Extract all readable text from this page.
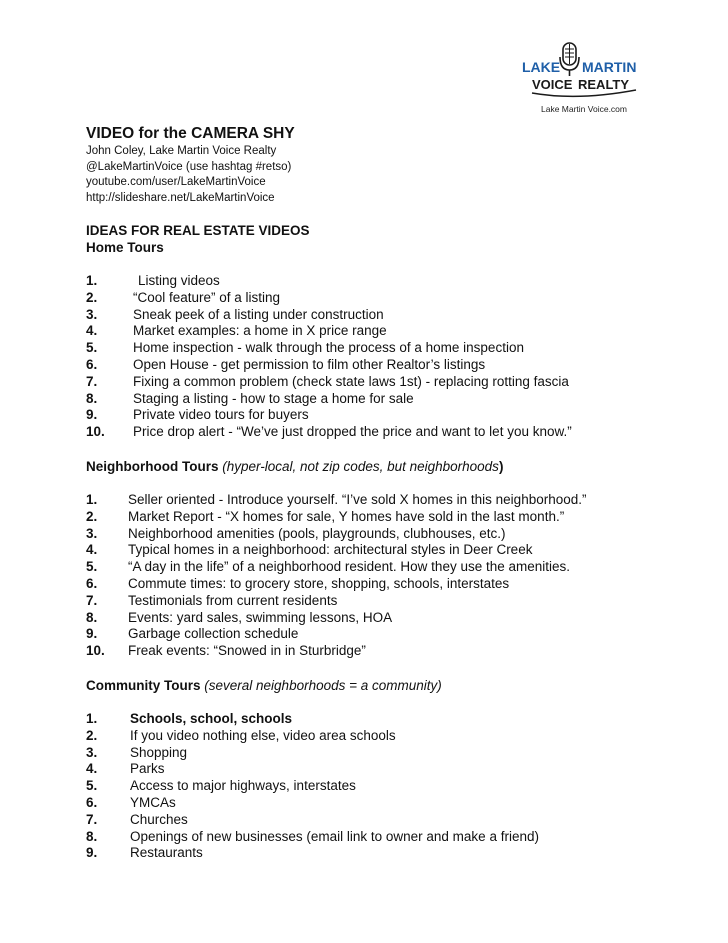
LAKE MARTIN
VOICE REALTY
Lake Martin Voice.com
VIDEO for the CAMERA SHY
John Coley, Lake Martin Voice Realty
@LakeMartinVoice (use hashtag #retso)
youtube.com/user/LakeMartinVoice
http://slideshare.net/LakeMartinVoice
IDEAS FOR REAL ESTATE VIDEOS
Home Tours
1.	Listing videos
2.	“Cool feature” of a listing
3.	Sneak peek of a listing under construction
4.	Market examples: a home in X price range
5.	Home inspection - walk through the process of a home inspection
6.	Open House - get permission to film other Realtor’s listings
7.	Fixing a common problem (check state laws 1st) - replacing rotting fascia
8.	Staging a listing - how to stage a home for sale
9.	Private video tours for buyers
10.	Price drop alert - “We’ve just dropped the price and want to let you know.”
Neighborhood Tours (hyper-local, not zip codes, but neighborhoods)
1.	Seller oriented - Introduce yourself. “I’ve sold X homes in this neighborhood.”
2.	Market Report - “X homes for sale, Y homes have sold in the last month.”
3.	Neighborhood amenities (pools, playgrounds, clubhouses, etc.)
4.	Typical homes in a neighborhood: architectural styles in Deer Creek
5.	“A day in the life” of a neighborhood resident. How they use the amenities.
6.	Commute times: to grocery store, shopping, schools, interstates
7.	Testimonials from current residents
8.	Events: yard sales, swimming lessons, HOA
9.	Garbage collection schedule
10.	Freak events: “Snowed in in Sturbridge”
Community Tours (several neighborhoods = a community)
1.	Schools, school, schools
2.	If you video nothing else, video area schools
3.	Shopping
4.	Parks
5.	Access to major highways, interstates
6.	YMCAs
7.	Churches
8.	Openings of new businesses (email link to owner and make a friend)
9.	Restaurants
